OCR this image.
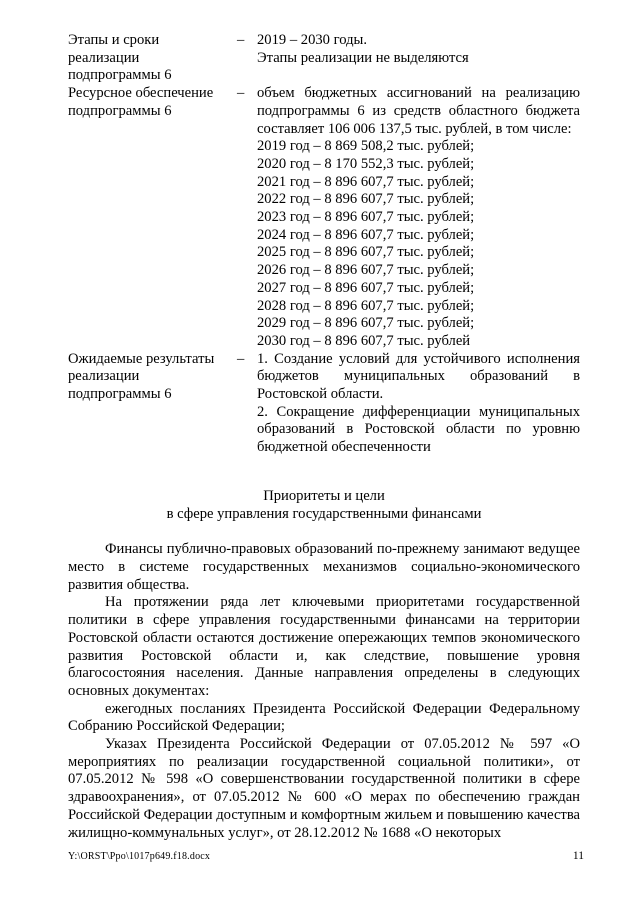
Этапы и сроки
реализации
подпрограммы 6
– 2019 – 2030 годы.
Этапы реализации не выделяются
Ресурсное обеспечение
подпрограммы 6
– объем бюджетных ассигнований на реализацию подпрограммы 6 из средств областного бюджета составляет 106 006 137,5 тыс. рублей, в том числе:
2019 год – 8 869 508,2 тыс. рублей;
2020 год – 8 170 552,3 тыс. рублей;
2021 год – 8 896 607,7 тыс. рублей;
2022 год – 8 896 607,7 тыс. рублей;
2023 год – 8 896 607,7 тыс. рублей;
2024 год – 8 896 607,7 тыс. рублей;
2025 год – 8 896 607,7 тыс. рублей;
2026 год – 8 896 607,7 тыс. рублей;
2027 год – 8 896 607,7 тыс. рублей;
2028 год – 8 896 607,7 тыс. рублей;
2029 год – 8 896 607,7 тыс. рублей;
2030 год – 8 896 607,7 тыс. рублей
Ожидаемые результаты
реализации
подпрограммы 6
– 1. Создание условий для устойчивого исполнения бюджетов муниципальных образований в Ростовской области.
2. Сокращение дифференциации муниципальных образований в Ростовской области по уровню бюджетной обеспеченности
Приоритеты и цели
в сфере управления государственными финансами

Финансы публично-правовых образований по-прежнему занимают ведущее место в системе государственных механизмов социально-экономического развития общества.

На протяжении ряда лет ключевыми приоритетами государственной политики в сфере управления государственными финансами на территории Ростовской области остаются достижение опережающих темпов экономического развития Ростовской области и, как следствие, повышение уровня благосостояния населения. Данные направления определены в следующих основных документах:

ежегодных посланиях Президента Российской Федерации Федеральному Собранию Российской Федерации;

Указах Президента Российской Федерации от 07.05.2012 № 597 «О мероприятиях по реализации государственной социальной политики», от 07.05.2012 № 598 «О совершенствовании государственной политики в сфере здравоохранения», от 07.05.2012 № 600 «О мерах по обеспечению граждан Российской Федерации доступным и комфортным жильем и повышению качества жилищно-коммунальных услуг», от 28.12.2012 № 1688 «О некоторых

Y:\ORST\Ppo\1017p649.f18.docx	11
